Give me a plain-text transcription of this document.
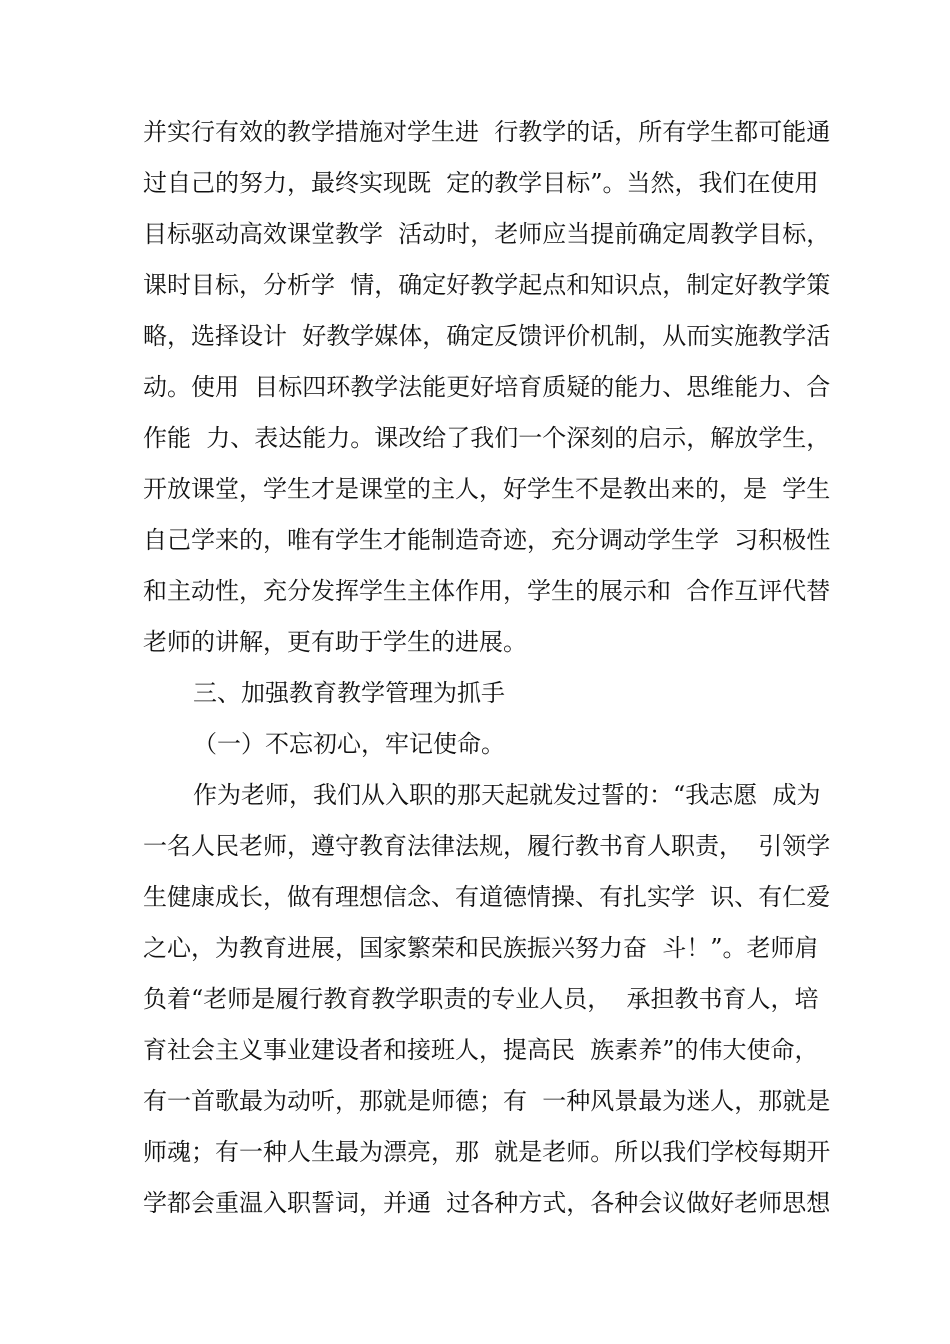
并实行有效的教学措施对学生进  行教学的话，所有学生都可能通
过自己的努力，最终实现既  定的教学目标”。当然，我们在使用
目标驱动高效课堂教学  活动时，老师应当提前确定周教学目标，
课时目标，分析学  情，确定好教学起点和知识点，制定好教学策
略，选择设计  好教学媒体，确定反馈评价机制，从而实施教学活
动。使用  目标四环教学法能更好培育质疑的能力、思维能力、合
作能  力、表达能力。课改给了我们一个深刻的启示，解放学生，
开放课堂，学生才是课堂的主人，好学生不是教出来的，是  学生
自己学来的，唯有学生才能制造奇迹，充分调动学生学  习积极性
和主动性，充分发挥学生主体作用，学生的展示和  合作互评代替
老师的讲解，更有助于学生的进展。
三、加强教育教学管理为抓手
（一）不忘初心，牢记使命。
作为老师，我们从入职的那天起就发过誓的：“我志愿  成为
一名人民老师，遵守教育法律法规，履行教书育人职责，  引领学
生健康成长，做有理想信念、有道德情操、有扎实学  识、有仁爱
之心，为教育进展，国家繁荣和民族振兴努力奋  斗！”。老师肩
负着“老师是履行教育教学职责的专业人员，  承担教书育人，培
育社会主义事业建设者和接班人，提高民  族素养”的伟大使命，
有一首歌最为动听，那就是师德；有  一种风景最为迷人，那就是
师魂；有一种人生最为漂亮，那  就是老师。所以我们学校每期开
学都会重温入职誓词，并通  过各种方式，各种会议做好老师思想
